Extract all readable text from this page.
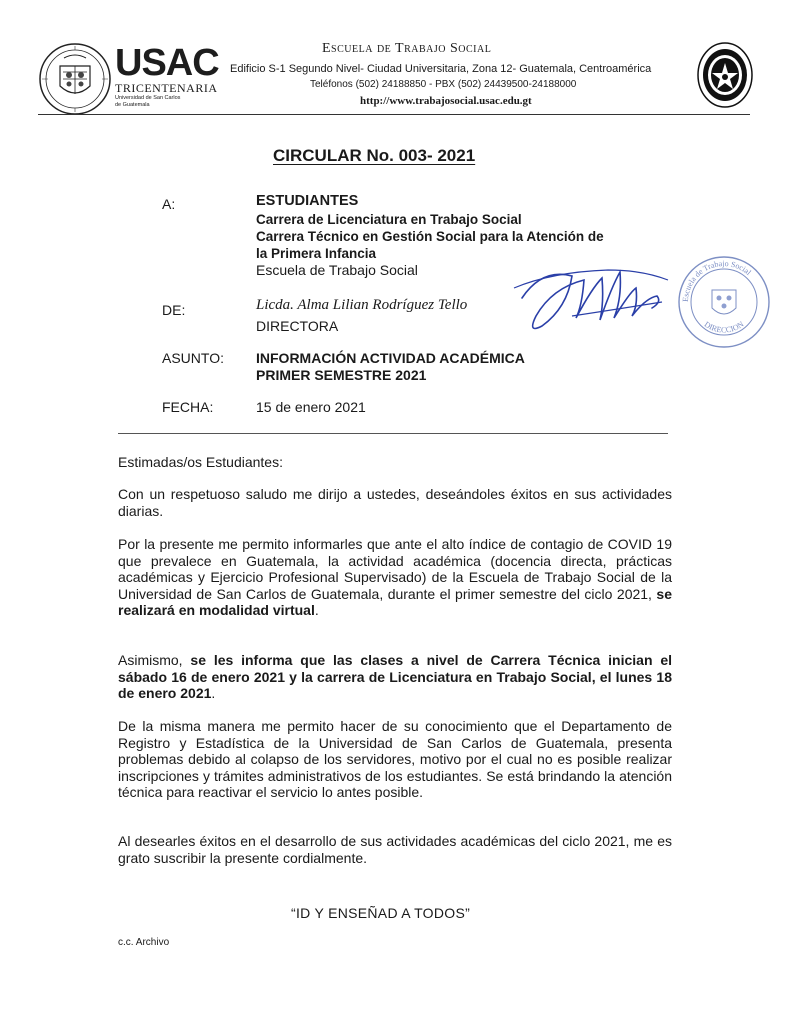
USAC
TRICENTENARIA
Universidad de San Carlos de Guatemala
Escuela de Trabajo Social
Edificio S-1 Segundo Nivel- Ciudad Universitaria, Zona 12- Guatemala, Centroamérica
Teléfonos (502) 24188850 - PBX (502) 24439500-24188000
http://www.trabajosocial.usac.edu.gt
CIRCULAR No. 003- 2021
A:	ESTUDIANTES
Carrera de Licenciatura en Trabajo Social
Carrera Técnico en Gestión Social para la Atención de
la Primera Infancia
Escuela de Trabajo Social
DE:	Licda. Alma Lilian Rodríguez Tello
DIRECTORA
Escuela de Trabajo Social
DIRECCION
ASUNTO: INFORMACIÓN ACTIVIDAD ACADÉMICA
PRIMER SEMESTRE 2021
FECHA:	15 de enero 2021
Estimadas/os Estudiantes:
Con un respetuoso saludo me dirijo a ustedes, deseándoles éxitos en sus actividades diarias.
Por la presente me permito informarles que ante el alto índice de contagio de COVID 19 que prevalece en Guatemala, la actividad académica (docencia directa, prácticas académicas y Ejercicio Profesional Supervisado) de la Escuela de Trabajo Social de la Universidad de San Carlos de Guatemala, durante el primer semestre del ciclo 2021, se realizará en modalidad virtual.
Asimismo, se les informa que las clases a nivel de Carrera Técnica inician el sábado 16 de enero 2021 y la carrera de Licenciatura en Trabajo Social, el lunes 18 de enero 2021.
De la misma manera me permito hacer de su conocimiento que el Departamento de Registro y Estadística de la Universidad de San Carlos de Guatemala, presenta problemas debido al colapso de los servidores, motivo por el cual no es posible realizar inscripciones y trámites administrativos de los estudiantes. Se está brindando la atención técnica para reactivar el servicio lo antes posible.
Al desearles éxitos en el desarrollo de sus actividades académicas del ciclo 2021, me es grato suscribir la presente cordialmente.
“ID Y ENSEÑAD A TODOS”
c.c. Archivo
